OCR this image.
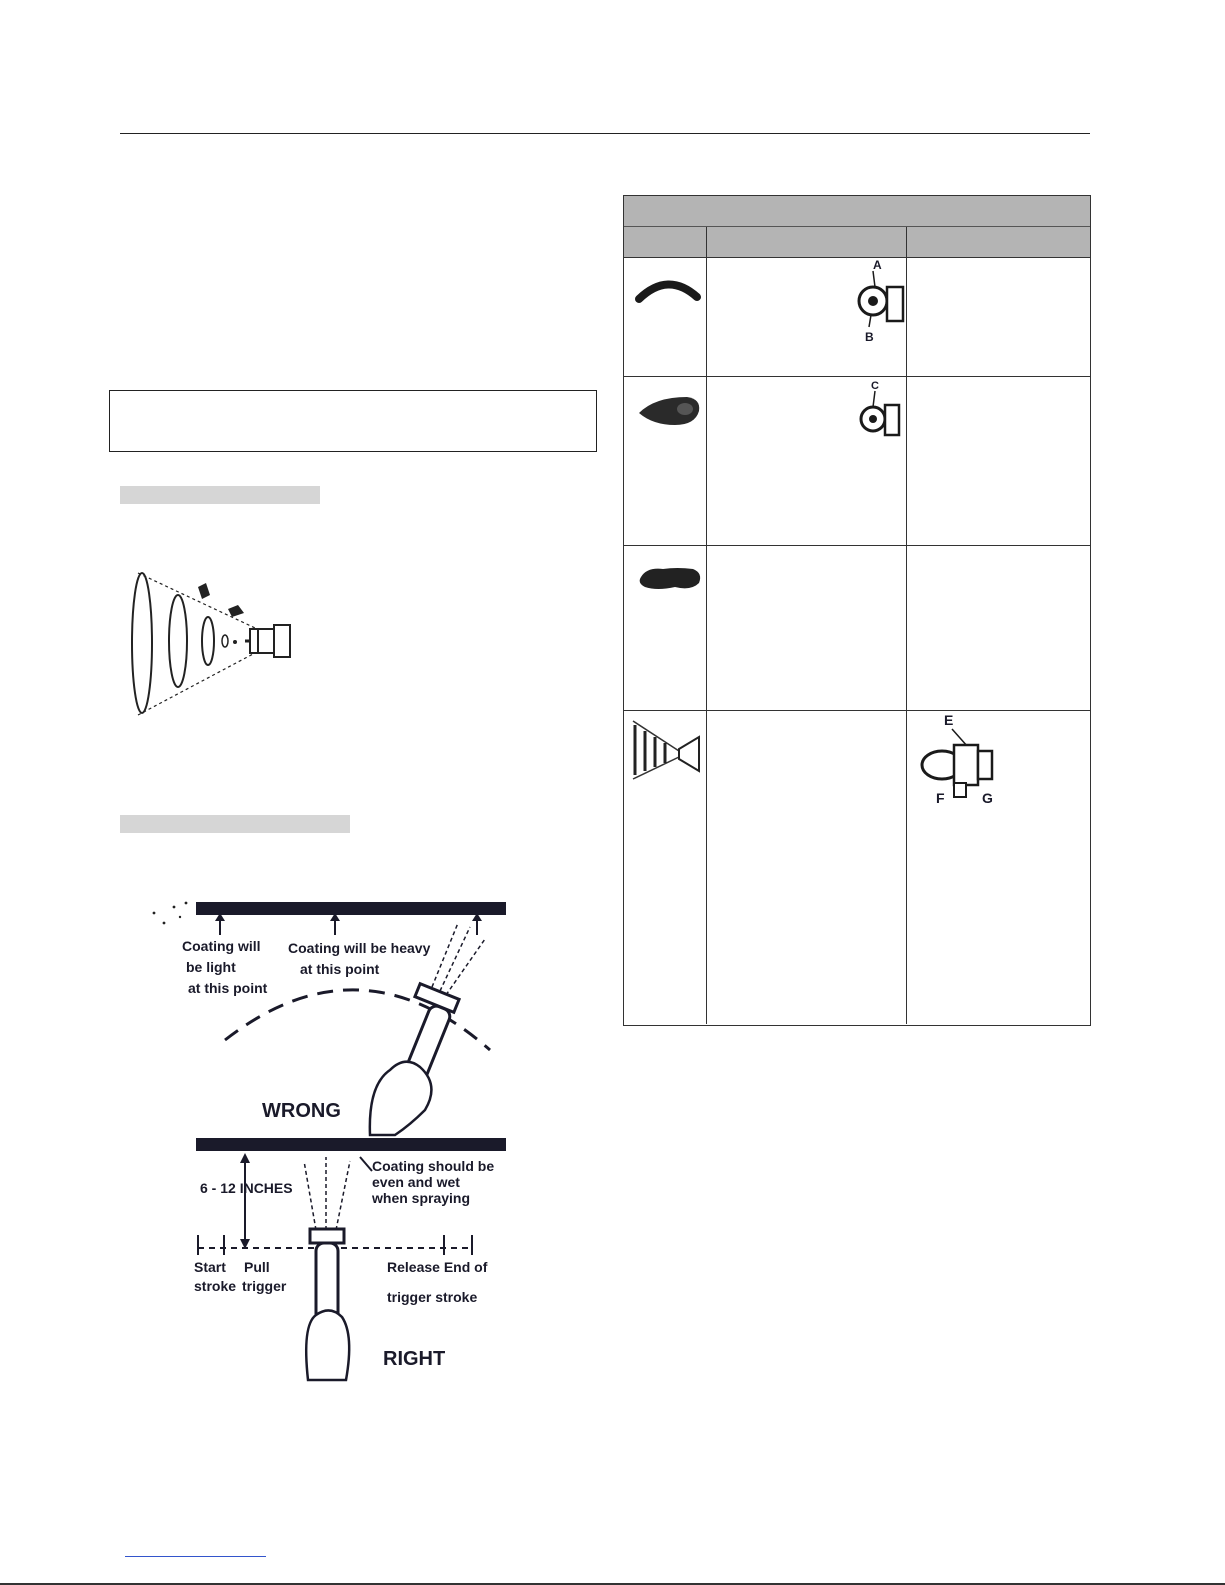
Coating will
be light
at this point
Coating will be heavy
at this point
WRONG
Coating should be
even and wet
when spraying
6 - 12 INCHES
Start
stroke
Pull
trigger
Release End of
trigger stroke
RIGHT
A
B
C
E
F	G
